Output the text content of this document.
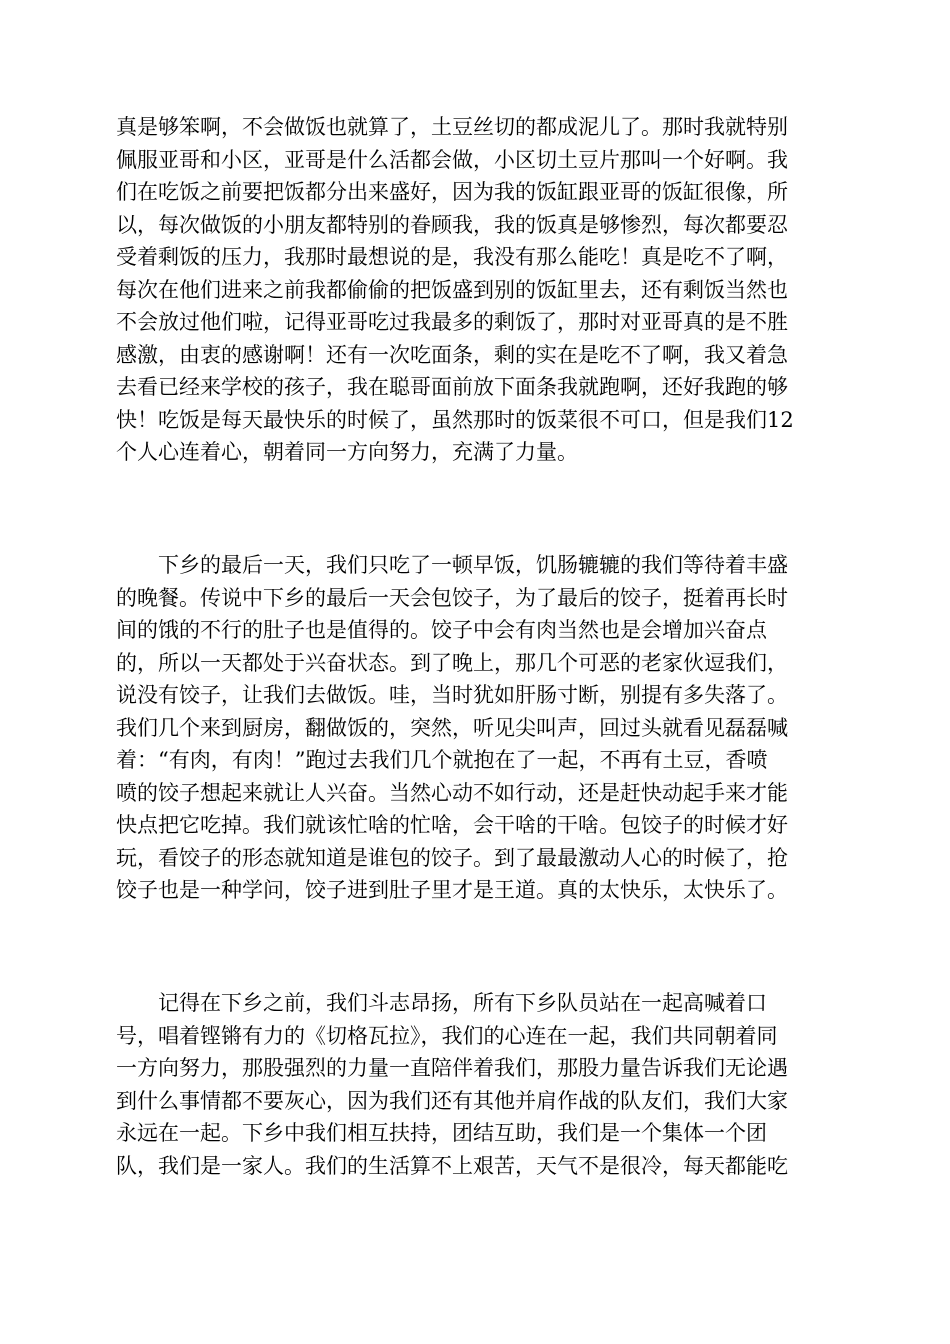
真是够笨啊，不会做饭也就算了，土豆丝切的都成泥儿了。那时我就特别
佩服亚哥和小区，亚哥是什么活都会做，小区切土豆片那叫一个好啊。我
们在吃饭之前要把饭都分出来盛好，因为我的饭缸跟亚哥的饭缸很像，所
以，每次做饭的小朋友都特别的眷顾我，我的饭真是够惨烈，每次都要忍
受着剩饭的压力，我那时最想说的是，我没有那么能吃！真是吃不了啊，
每次在他们进来之前我都偷偷的把饭盛到别的饭缸里去，还有剩饭当然也
不会放过他们啦，记得亚哥吃过我最多的剩饭了，那时对亚哥真的是不胜
感激，由衷的感谢啊！还有一次吃面条，剩的实在是吃不了啊，我又着急
去看已经来学校的孩子，我在聪哥面前放下面条我就跑啊，还好我跑的够
快！吃饭是每天最快乐的时候了，虽然那时的饭菜很不可口，但是我们12
个人心连着心，朝着同一方向努力，充满了力量。
　　下乡的最后一天，我们只吃了一顿早饭，饥肠辘辘的我们等待着丰盛
的晚餐。传说中下乡的最后一天会包饺子，为了最后的饺子，挺着再长时
间的饿的不行的肚子也是值得的。饺子中会有肉当然也是会增加兴奋点
的，所以一天都处于兴奋状态。到了晚上，那几个可恶的老家伙逗我们，
说没有饺子，让我们去做饭。哇，当时犹如肝肠寸断，别提有多失落了。
我们几个来到厨房，翻做饭的，突然，听见尖叫声，回过头就看见磊磊喊
着：“有肉，有肉！”跑过去我们几个就抱在了一起，不再有土豆，香喷
喷的饺子想起来就让人兴奋。当然心动不如行动，还是赶快动起手来才能
快点把它吃掉。我们就该忙啥的忙啥，会干啥的干啥。包饺子的时候才好
玩，看饺子的形态就知道是谁包的饺子。到了最最激动人心的时候了，抢
饺子也是一种学问，饺子进到肚子里才是王道。真的太快乐，太快乐了。
　　记得在下乡之前，我们斗志昂扬，所有下乡队员站在一起高喊着口
号，唱着铿锵有力的《切格瓦拉》，我们的心连在一起，我们共同朝着同
一方向努力，那股强烈的力量一直陪伴着我们，那股力量告诉我们无论遇
到什么事情都不要灰心，因为我们还有其他并肩作战的队友们，我们大家
永远在一起。下乡中我们相互扶持，团结互助，我们是一个集体一个团
队，我们是一家人。我们的生活算不上艰苦，天气不是很冷，每天都能吃
